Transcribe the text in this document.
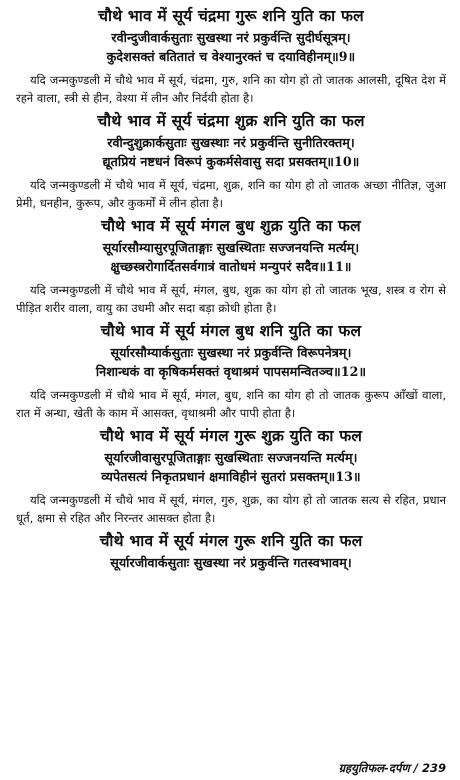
चौथे भाव में सूर्य चंद्रमा गुरू शनि युति का फल
रवीन्दुजीवार्कसुताः सुखस्था नरं प्रकुर्वन्ति सुदीर्घसूत्रम्।
कुदेशसक्तं बतितातं च वेश्यानुरक्तं च दयाविहीनम्॥9॥

यदि जन्मकुण्डली में चौथे भाव में सूर्य, चंद्रमा, गुरु, शनि का योग हो तो जातक आलसी, दूषित देश में रहने वाला, स्त्री से हीन, वेश्या में लीन और निर्दयी होता है।

चौथे भाव में सूर्य चंद्रमा शुक्र शनि युति का फल
रवीन्दुशुक्रार्कसुताः सुखस्थाः नरं प्रकुर्वन्ति सुनीतिरक्तम्।
द्यूतप्रियं नष्टधनं विरूपं कुकर्मसेवासु सदा प्रसक्तम्॥10॥

यदि जन्मकुण्डली में चौथे भाव में सूर्य, चंद्रमा, शुक्र, शनि का योग हो तो जातक अच्छा नीतिज्ञ, जुआ प्रेमी, धनहीन, कुरूप, और कुकर्मों में लीन होता है।

चौथे भाव में सूर्य मंगल बुध शुक्र युति का फल
सूर्यारसौम्यासुरपूजिताङ्गाः सुखस्थिताः सज्जनयन्ति मर्त्यम्।
क्षुच्छस्त्ररोगार्दितसर्वगात्रं वातोधमं मन्युपरं सदैव॥11॥

यदि जन्मकुण्डली में चौथे भाव में सूर्य, मंगल, बुध, शुक्र का योग हो तो जातक भूख, शस्त्र व रोग से पीड़ित शरीर वाला, वायु का उधमी और सदा बड़ा क्रोधी होता है।

चौथे भाव में सूर्य मंगल बुध शनि युति का फल
सूर्यारसौम्यार्कसुताः सुखस्था नरं प्रकुर्वन्ति विरूपनेत्रम्।
निशान्धकं वा कृषिकर्मसक्तं वृथाश्रमं पापसमन्वितञ्च॥12॥

यदि जन्मकुण्डली में चौथे भाव में सूर्य, मंगल, बुध, शनि का योग हो तो जातक कुरूप आँखों वाला, रात में अन्धा, खेती के काम में आसक्त, वृथाश्रमी और पापी होता है।

चौथे भाव में सूर्य मंगल गुरू शुक्र युति का फल
सूर्यारजीवासुरपूजिताङ्गाः सुखस्थिताः सज्जनयन्ति मर्त्यम्।
व्यपेतसत्यं निकृतप्रधानं क्षमाविहीनं सुतरां प्रसक्तम्॥13॥

यदि जन्मकुण्डली में चौथे भाव में सूर्य, मंगल, गुरु, शुक्र, का योग हो तो जातक सत्य से रहित, प्रधान धूर्त, क्षमा से रहित और निरन्तर आसक्त होता है।

चौथे भाव में सूर्य मंगल गुरू शनि युति का फल
सूर्यारजीवार्कसुताः सुखस्था नरं प्रकुर्वन्ति गतस्वभावम्।
ग्रहयुतिफल-दर्पण / 239
